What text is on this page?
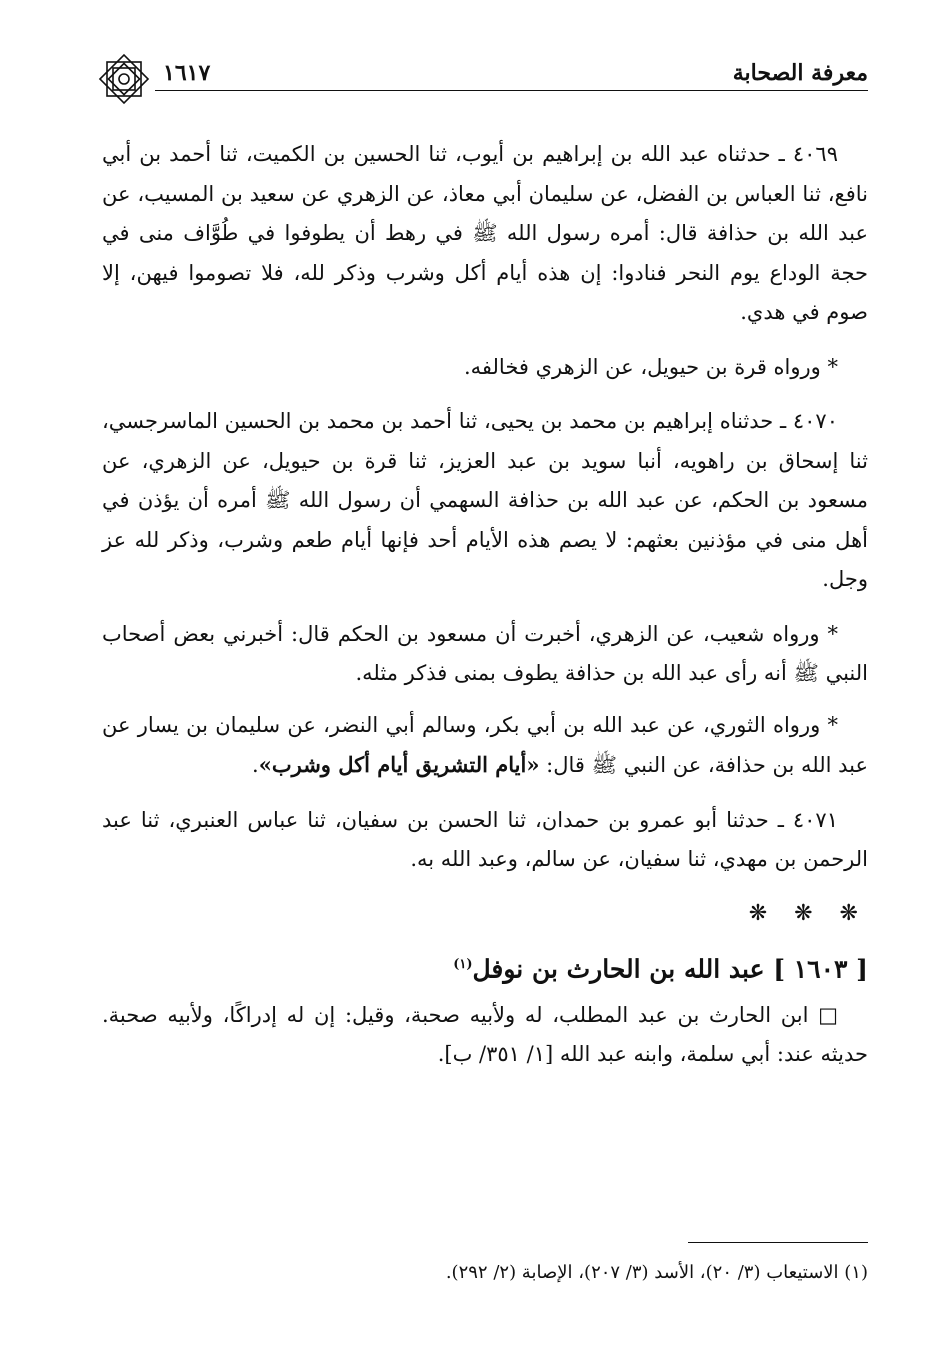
١٦١٧	معرفة الصحابة

٤٠٦٩ ـ حدثناه عبد الله بن إبراهيم بن أيوب، ثنا الحسين بن الكميت، ثنا أحمد بن أبي نافع، ثنا العباس بن الفضل، عن سليمان أبي معاذ، عن الزهري عن سعيد بن المسيب، عن عبد الله بن حذافة قال: أمره رسول الله ﷺ في رهط أن يطوفوا في طُوَّاف منى في حجة الوداع يوم النحر فنادوا: إن هذه أيام أكل وشرب وذكر لله، فلا تصوموا فيهن، إلا صوم في هدي.

* ورواه قرة بن حيويل، عن الزهري فخالفه.

٤٠٧٠ ـ حدثناه إبراهيم بن محمد بن يحيى، ثنا أحمد بن محمد بن الحسين الماسرجسي، ثنا إسحاق بن راهويه، أنبا سويد بن عبد العزيز، ثنا قرة بن حيويل، عن الزهري، عن مسعود بن الحكم، عن عبد الله بن حذافة السهمي أن رسول الله ﷺ أمره أن يؤذن في أهل منى في مؤذنين بعثهم: لا يصم هذه الأيام أحد فإنها أيام طعم وشرب، وذكر لله عز وجل.

* ورواه شعيب، عن الزهري، أخبرت أن مسعود بن الحكم قال: أخبرني بعض أصحاب النبي ﷺ أنه رأى عبد الله بن حذافة يطوف بمنى فذكر مثله.

* ورواه الثوري، عن عبد الله بن أبي بكر، وسالم أبي النضر، عن سليمان بن يسار عن عبد الله بن حذافة، عن النبي ﷺ قال: «أيام التشريق أيام أكل وشرب».

٤٠٧١ ـ حدثنا أبو عمرو بن حمدان، ثنا الحسن بن سفيان، ثنا عباس العنبري، ثنا عبد الرحمن بن مهدي، ثنا سفيان، عن سالم، وعبد الله به.

❋ ❋ ❋
[ ١٦٠٣ ] عبد الله بن الحارث بن نوفل$^{(١)}$

□ ابن الحارث بن عبد المطلب، له ولأبيه صحبة، وقيل: إن له إدراكًا، ولأبيه صحبة. حديثه عند: أبي سلمة، وابنه عبد الله [١/ ٣٥١/ ب].

(١) الاستيعاب (٣/ ٢٠)، الأسد (٣/ ٢٠٧)، الإصابة (٢/ ٢٩٢).
